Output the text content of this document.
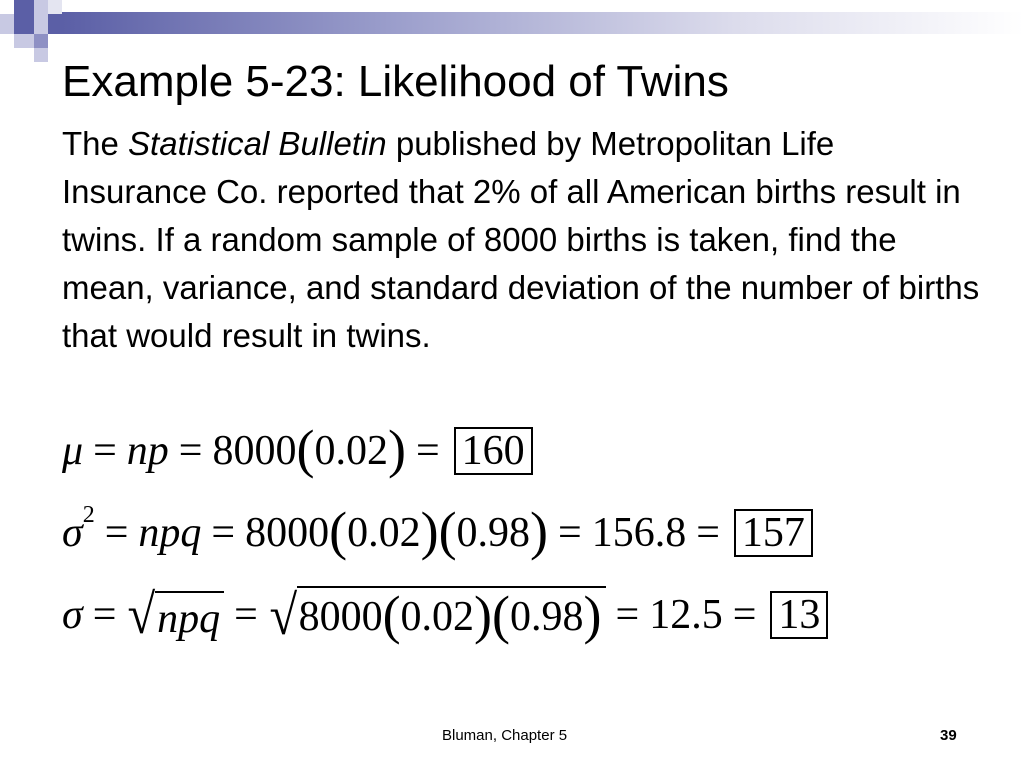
Example 5-23: Likelihood of Twins
The Statistical Bulletin published by Metropolitan Life Insurance Co. reported that 2% of all American births result in twins. If a random sample of 8000 births is taken, find the mean, variance, and standard deviation of the number of births that would result in twins.
μ = np = 8000 ( 0.02 ) = 160
$\sigma^2$ = npq = 8000 ( 0.02 ) ( 0.98 ) = 156.8 = 157
σ = √ npq = √ 8000 ( 0.02 ) ( 0.98 ) = 12.5 = 13
Bluman, Chapter 5	39
